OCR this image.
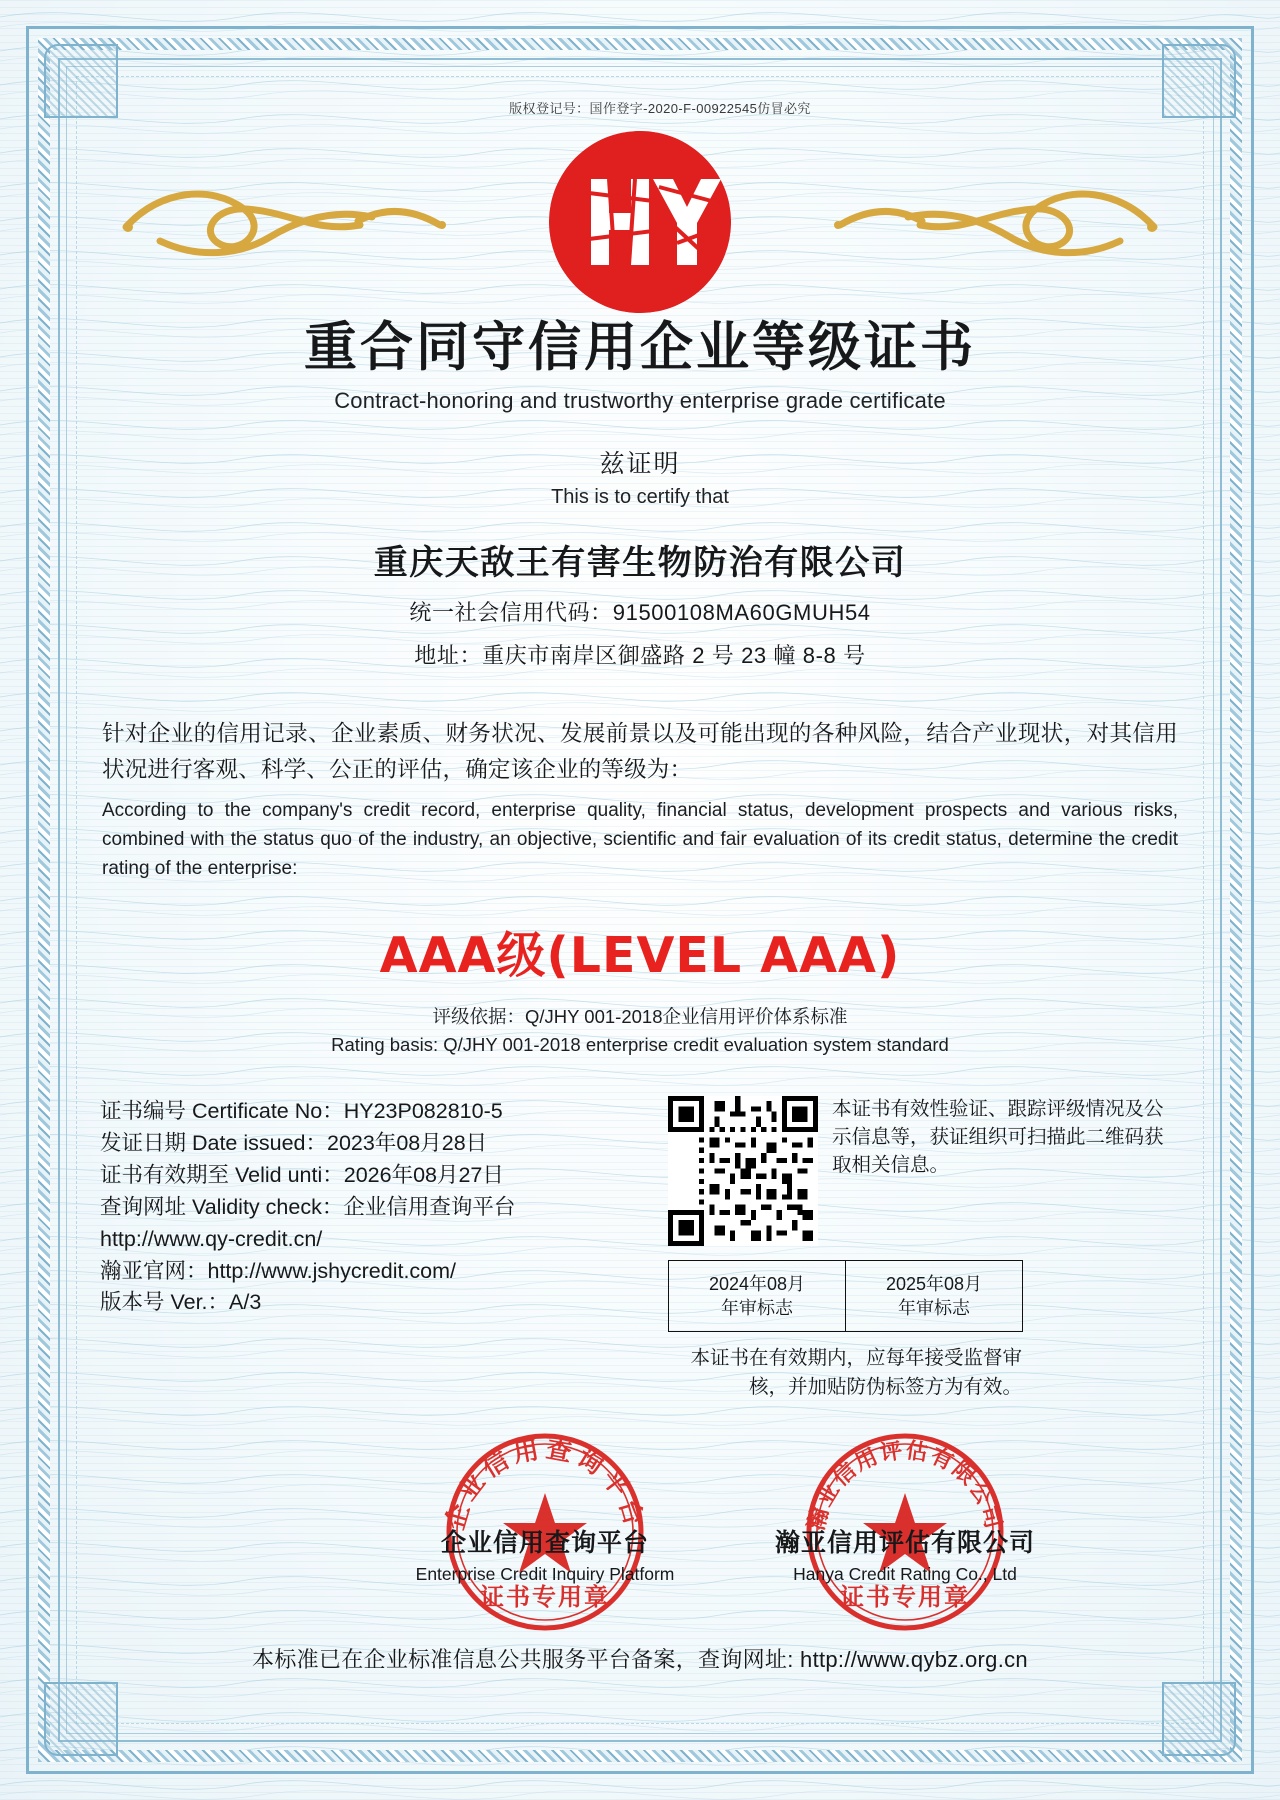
版权登记号：国作登字-2020-F-00922545仿冒必究
重合同守信用企业等级证书
Contract-honoring and trustworthy enterprise grade certificate
兹证明
This is to certify that
重庆天敌王有害生物防治有限公司
统一社会信用代码：91500108MA60GMUH54
地址：重庆市南岸区御盛路 2 号 23 幢 8-8 号
针对企业的信用记录、企业素质、财务状况、发展前景以及可能出现的各种风险，结合产业现状，对其信用状况进行客观、科学、公正的评估，确定该企业的等级为：
According to the company's credit record, enterprise quality, financial status, development prospects and various risks, combined with the status quo of the industry, an objective, scientific and fair evaluation of its credit status, determine the credit rating of the enterprise:
AAA级(LEVEL AAA)
评级依据：Q/JHY 001-2018企业信用评价体系标准
Rating basis: Q/JHY 001-2018 enterprise credit evaluation system standard
证书编号 Certificate No：HY23P082810-5
发证日期 Date issued：2023年08月28日
证书有效期至 Velid unti：2026年08月27日
查询网址 Validity check：企业信用查询平台
http://www.qy-credit.cn/
瀚亚官网：http://www.jshycredit.com/
版本号 Ver.：A/3
本证书有效性验证、跟踪评级情况及公示信息等，获证组织可扫描此二维码获取相关信息。
2024年08月
年审标志
2025年08月
年审标志
本证书在有效期内，应每年接受监督审核，并加贴防伪标签方为有效。
企业信用查询平台
证书专用章
瀚亚信用评估有限公司
证书专用章
企业信用查询平台
Enterprise Credit Inquiry Platform
瀚亚信用评估有限公司
Hanya Credit Rating Co., Ltd
本标准已在企业标准信息公共服务平台备案，查询网址: http://www.qybz.org.cn
